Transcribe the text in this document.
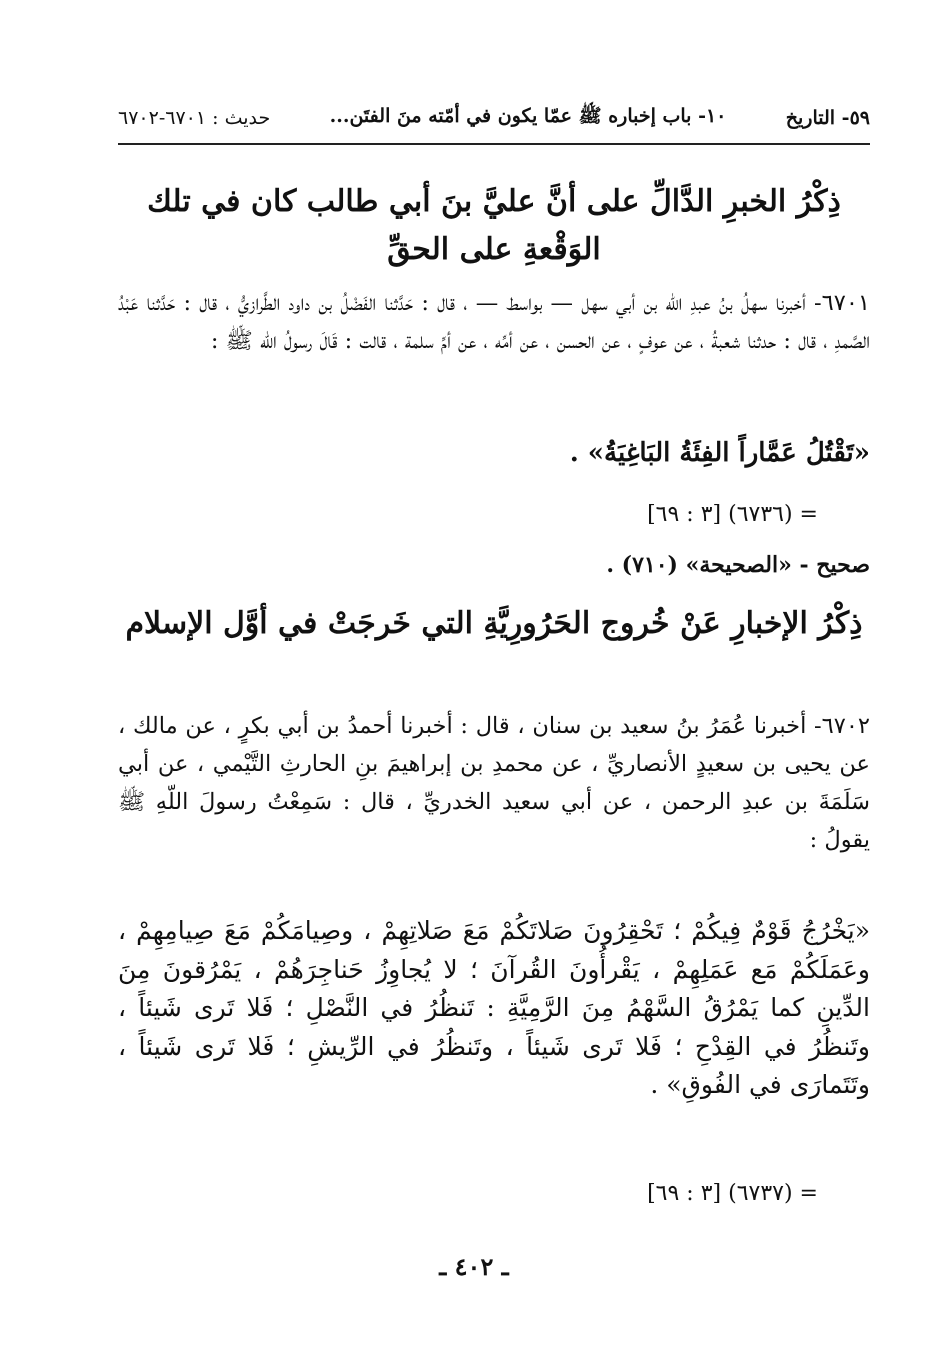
٥٩- التاريخ
١٠- باب إخباره ﷺ عمّا يكون في أمّته منَ الفتَن...
حديث : ٦٧٠١-٦٧٠٢
ذِكْرُ الخبرِ الدَّالِّ على أنَّ عليَّ بنَ أبي طالب كان في تلك الوَقْعةِ على الحقِّ
٦٧٠١- أخبرنا سهلُ بنُ عبدِ اللّه بن أبي سهل — بواسط — ، قال : حَدَّثنا الفَضْلُ بن داود الطَّرازيُّ ، قال : حَدَّثنا عَبْدُ الصَّمدِ ، قال : حدثنا شعبةُ ، عن عوفٍ ، عن الحسن ، عن أمِّه ، عن أمِّ سلمة ، قالت : قَالَ رسولُ اللّه ﷺ :
«تَقْتُلُ عَمَّاراً الفِئَةُ البَاغِيَةُ» .
= (٦٧٣٦) [٣ : ٦٩]
صحيح - «الصحيحة» (٧١٠) .
ذِكْرُ الإخبارِ عَنْ خُروج الحَرُورِيَّةِ التي خَرجَتْ في أوَّل الإسلام
٦٧٠٢- أخبرنا عُمَرُ بنُ سعيد بن سنان ، قال : أخبرنا أحمدُ بن أبي بكرٍ ، عن مالك ، عن يحيى بن سعيدٍ الأنصاريِّ ، عن محمدِ بن إبراهيمَ بنِ الحارثِ التَّيْمي ، عن أبي سَلَمَةَ بن عبدِ الرحمن ، عن أبي سعيد الخدريِّ ، قال : سَمِعْتُ رسولَ اللّهِ ﷺ يقولُ :
«يَخْرُجُ قَوْمٌ فِيكُمْ ؛ تَحْقِرُونَ صَلاتَكُمْ مَعَ صَلاتِهِمْ ، وصِيامَكُمْ مَعَ صِيامِهِمْ ، وعَمَلَكُمْ مَع عَمَلِهِمْ ، يَقْرأُونَ القُرآنَ ؛ لا يُجاوِزُ حَناجِرَهُمْ ، يَمْرُقونَ مِنَ الدِّينِ كما يَمْرُقُ السَّهْمُ مِنَ الرَّمِيَّةِ : تَنظُرُ في النَّصْلِ ؛ فَلا تَرى شَيئاً ، وتَنظُرُ في القِدْحِ ؛ فَلا تَرى شَيئاً ، وتَنظُرُ في الرِّيشِ ؛ فَلا تَرى شَيئاً ، وتَتَمارَى في الفُوقِ» .
= (٦٧٣٧) [٣ : ٦٩]
ـ ٤٠٢ ـ
